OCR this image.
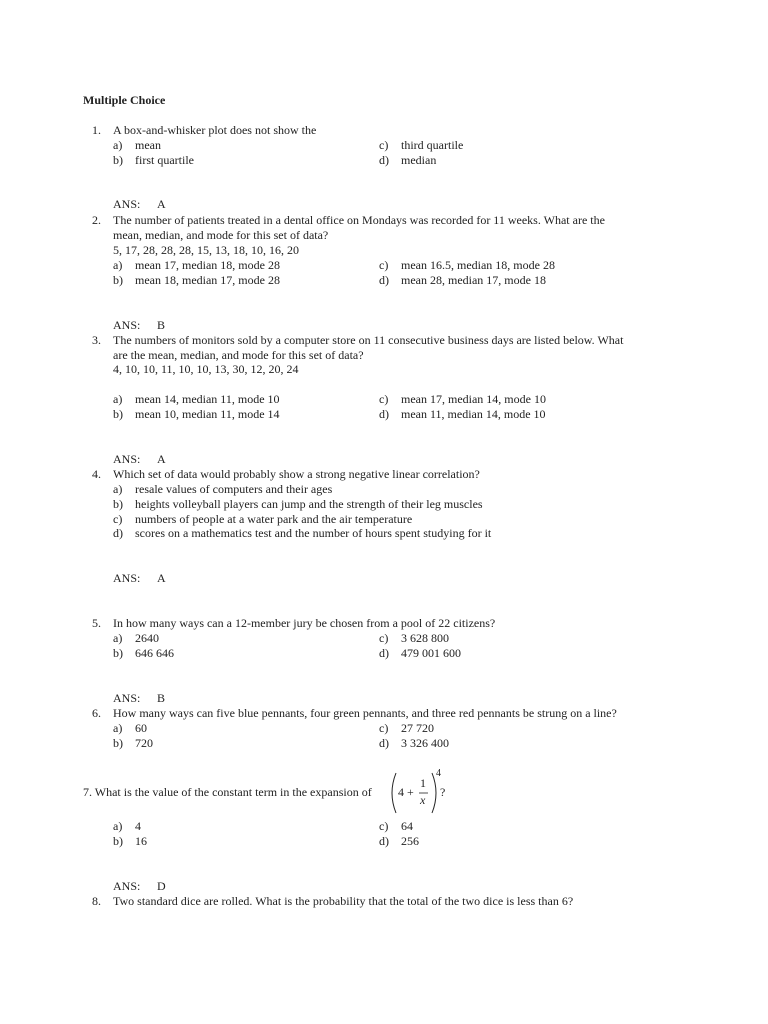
Multiple Choice
1. A box-and-whisker plot does not show the
a) mean
b) first quartile
c) third quartile
d) median
ANS: A
2. The number of patients treated in a dental office on Mondays was recorded for 11 weeks. What are the
mean, median, and mode for this set of data?
5, 17, 28, 28, 28, 15, 13, 18, 10, 16, 20
a) mean 17, median 18, mode 28
b) mean 18, median 17, mode 28
c) mean 16.5, median 18, mode 28
d) mean 28, median 17, mode 18
ANS: B
3. The numbers of monitors sold by a computer store on 11 consecutive business days are listed below. What
are the mean, median, and mode for this set of data?
4, 10, 10, 11, 10, 10, 13, 30, 12, 20, 24
a) mean 14, median 11, mode 10
b) mean 10, median 11, mode 14
c) mean 17, median 14, mode 10
d) mean 11, median 14, mode 10
ANS: A
4. Which set of data would probably show a strong negative linear correlation?
a) resale values of computers and their ages
b) heights volleyball players can jump and the strength of their leg muscles
c) numbers of people at a water park and the air temperature
d) scores on a mathematics test and the number of hours spent studying for it
ANS: A
5. In how many ways can a 12-member jury be chosen from a pool of 22 citizens?
a) 2640
b) 646 646
c) 3 628 800
d) 479 001 600
ANS: B
6. How many ways can five blue pennants, four green pennants, and three red pennants be strung on a line?
a) 60
b) 720
c) 27 720
d) 3 326 400
7. What is the value of the constant term in the expansion of 4 +
1
x
4
?
a) 4
b) 16
c) 64
d) 256
ANS: D
8. Two standard dice are rolled. What is the probability that the total of the two dice is less than 6?
